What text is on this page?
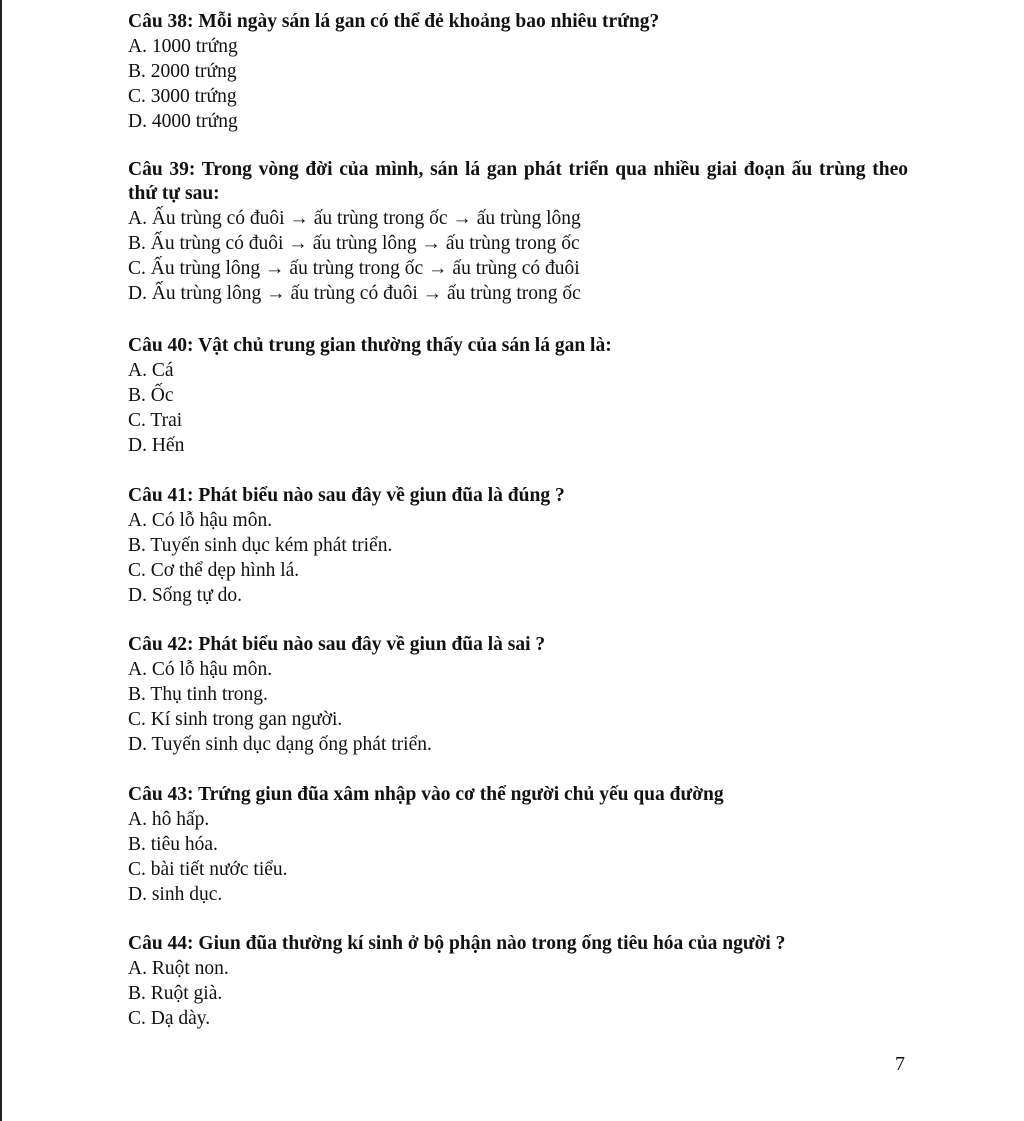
Câu 38: Mỗi ngày sán lá gan có thể đẻ khoảng bao nhiêu trứng?

A. 1000 trứng

B. 2000 trứng

C. 3000 trứng

D. 4000 trứng

Câu 39: Trong vòng đời của mình, sán lá gan phát triển qua nhiều giai đoạn ấu trùng theo thứ tự sau:

A. Ấu trùng có đuôi → ấu trùng trong ốc → ấu trùng lông

B. Ấu trùng có đuôi → ấu trùng lông → ấu trùng trong ốc

C. Ấu trùng lông → ấu trùng trong ốc → ấu trùng có đuôi

D. Ấu trùng lông → ấu trùng có đuôi → ấu trùng trong ốc

Câu 40: Vật chủ trung gian thường thấy của sán lá gan là:

A. Cá

B. Ốc

C. Trai

D. Hến

Câu 41: Phát biểu nào sau đây về giun đũa là đúng ?

A. Có lỗ hậu môn.

B. Tuyến sinh dục kém phát triển.

C. Cơ thể dẹp hình lá.

D. Sống tự do.

Câu 42: Phát biểu nào sau đây về giun đũa là sai ?

A. Có lỗ hậu môn.

B. Thụ tinh trong.

C. Kí sinh trong gan người.

D. Tuyến sinh dục dạng ống phát triển.

Câu 43: Trứng giun đũa xâm nhập vào cơ thể người chủ yếu qua đường

A. hô hấp.

B. tiêu hóa.

C. bài tiết nước tiểu.

D. sinh dục.

Câu 44: Giun đũa thường kí sinh ở bộ phận nào trong ống tiêu hóa của người ?

A. Ruột non.

B. Ruột già.

C. Dạ dày.

7
